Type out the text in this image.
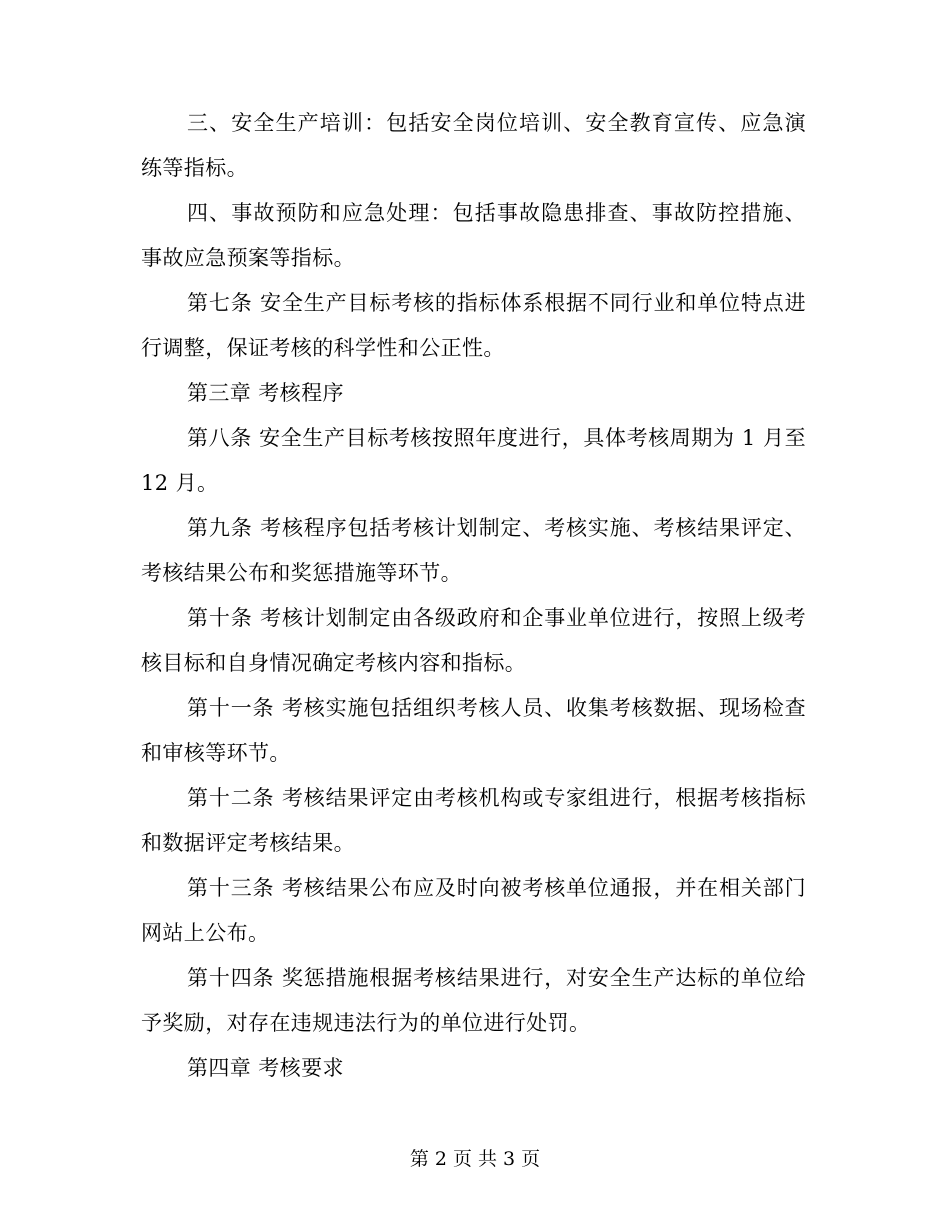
三、安全生产培训：包括安全岗位培训、安全教育宣传、应急演练等指标。

四、事故预防和应急处理：包括事故隐患排查、事故防控措施、事故应急预案等指标。

第七条 安全生产目标考核的指标体系根据不同行业和单位特点进行调整，保证考核的科学性和公正性。

第三章 考核程序

第八条 安全生产目标考核按照年度进行，具体考核周期为 1 月至 12 月。

第九条 考核程序包括考核计划制定、考核实施、考核结果评定、考核结果公布和奖惩措施等环节。

第十条 考核计划制定由各级政府和企事业单位进行，按照上级考核目标和自身情况确定考核内容和指标。

第十一条 考核实施包括组织考核人员、收集考核数据、现场检查和审核等环节。

第十二条 考核结果评定由考核机构或专家组进行，根据考核指标和数据评定考核结果。

第十三条 考核结果公布应及时向被考核单位通报，并在相关部门网站上公布。

第十四条 奖惩措施根据考核结果进行，对安全生产达标的单位给予奖励，对存在违规违法行为的单位进行处罚。

第四章 考核要求

第 2 页 共 3 页
